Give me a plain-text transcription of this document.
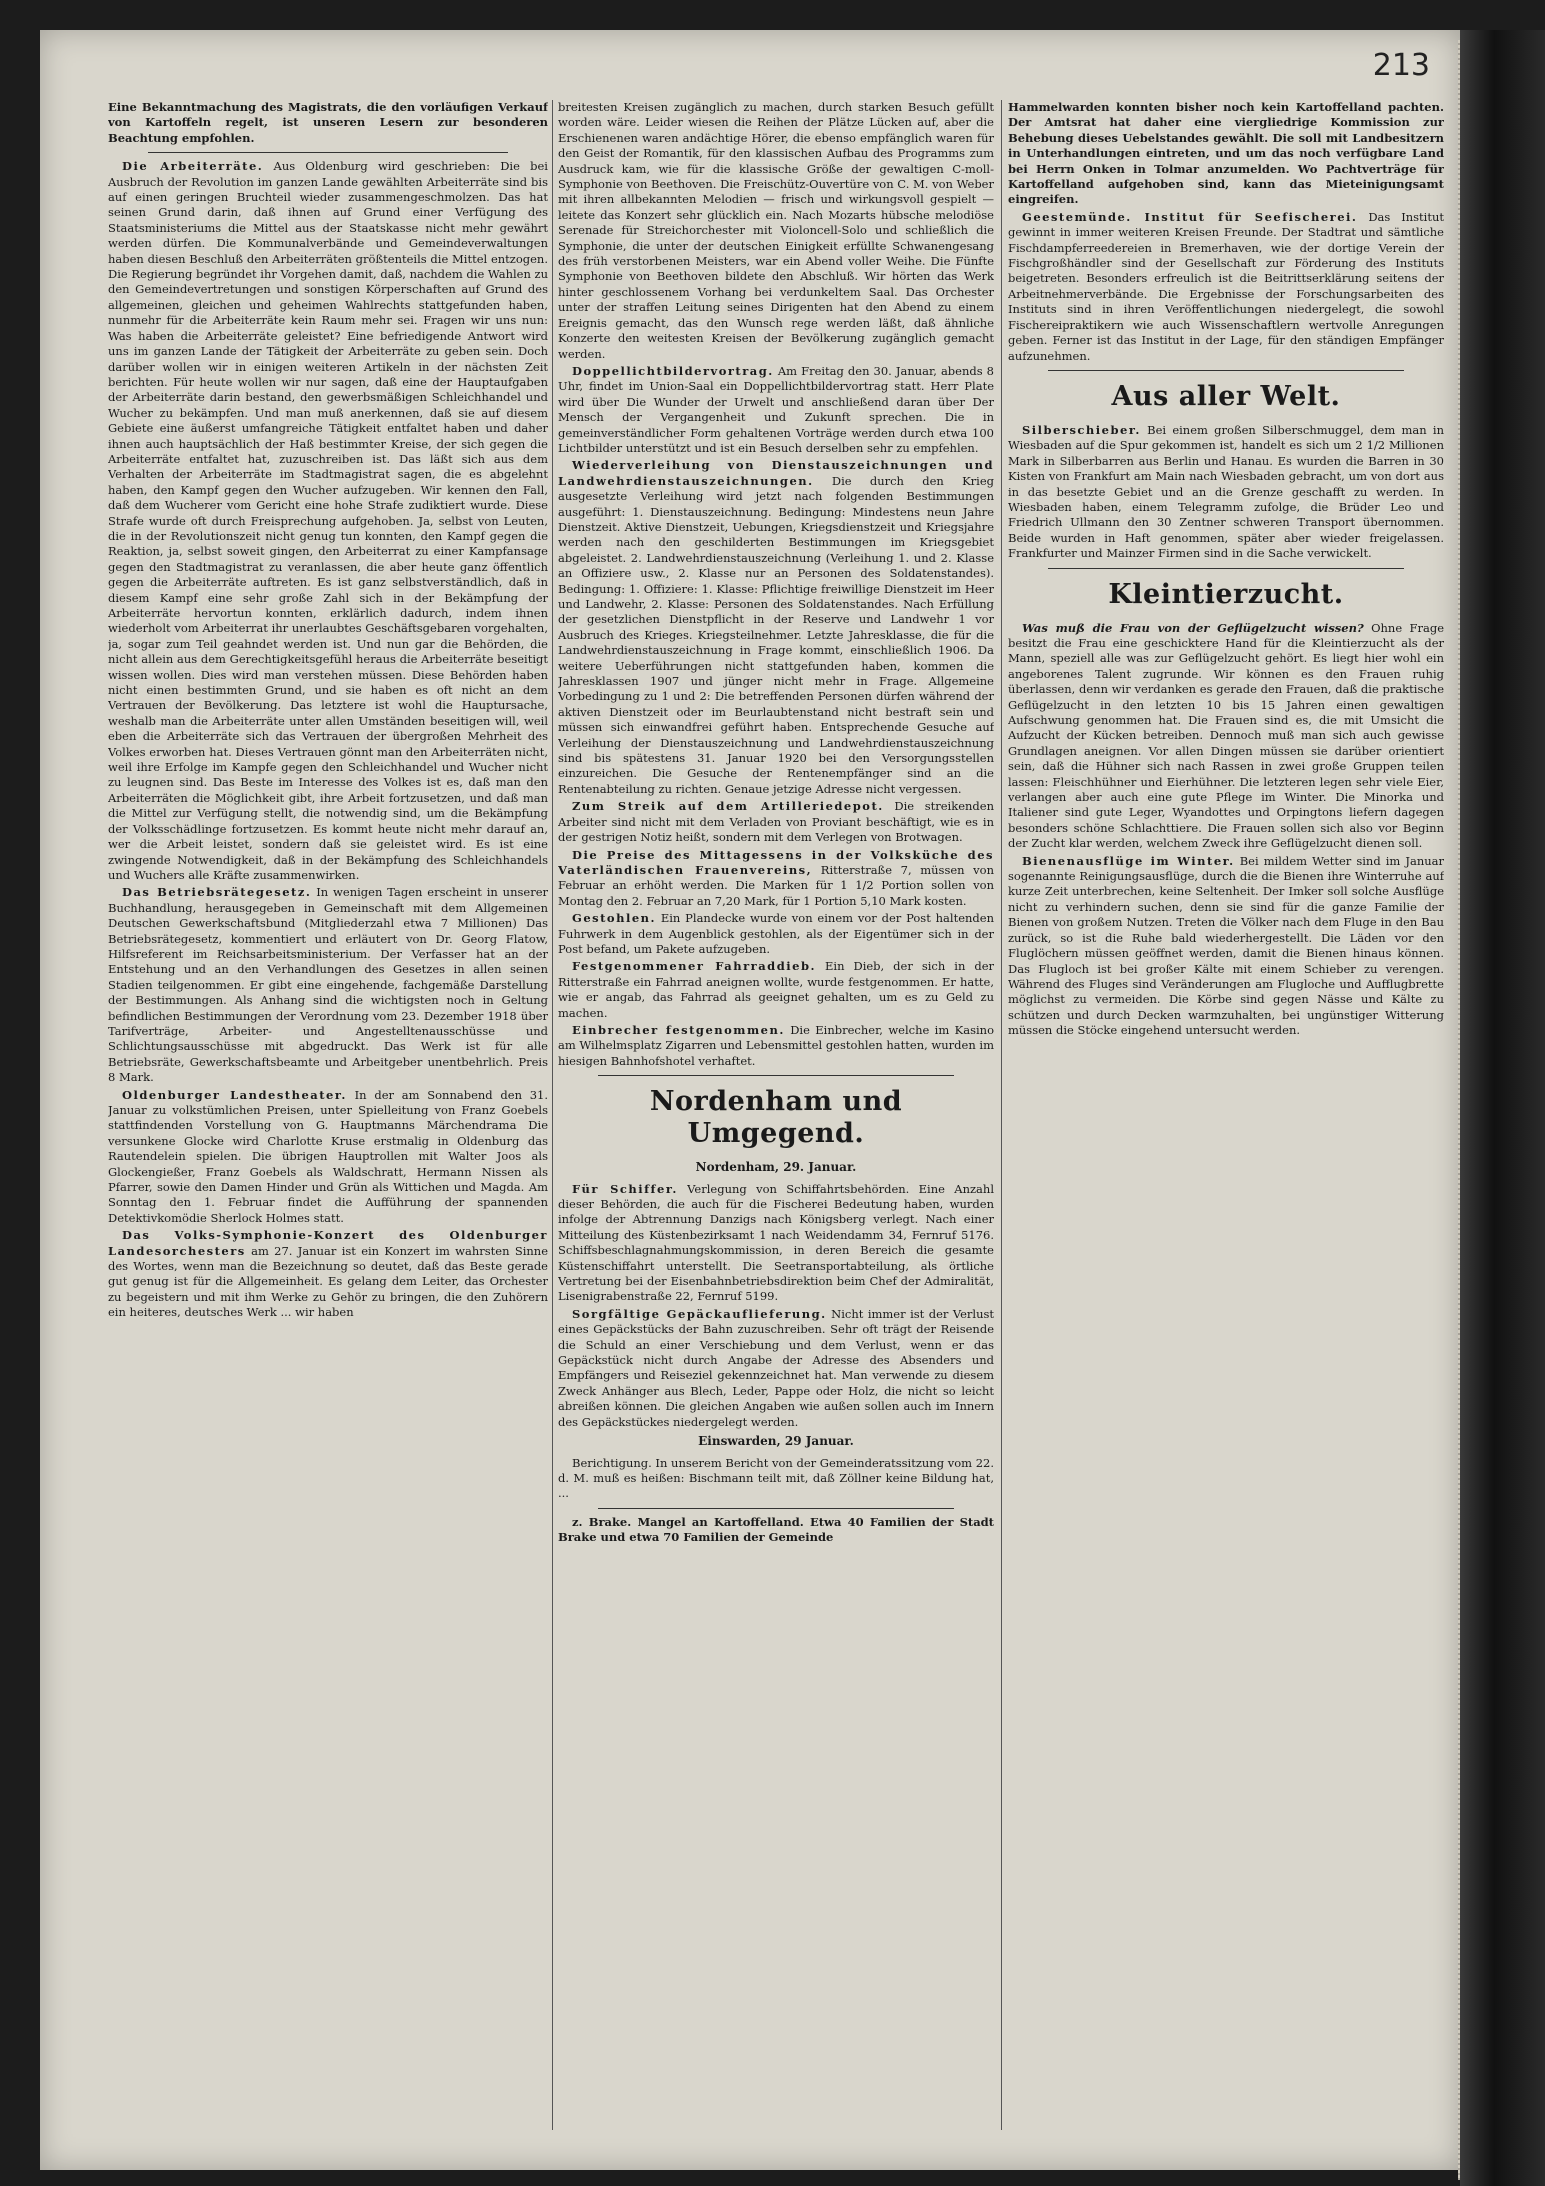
213

Eine Bekanntmachung des Magistrats, die den vorläufigen Verkauf von Kartoffeln regelt, ist unseren Lesern zur besonderen Beachtung empfohlen.

Die Arbeiterräte. Aus Oldenburg wird geschrieben: Die bei Ausbruch der Revolution im ganzen Lande gewählten Arbeiterräte sind bis auf einen geringen Bruchteil wieder zusammengeschmolzen. Das hat seinen Grund darin, daß ihnen auf Grund einer Verfügung des Staatsministeriums die Mittel aus der Staatskasse nicht mehr gewährt werden dürfen. Die Kommunalverbände und Gemeindeverwaltungen haben diesen Beschluß den Arbeiterräten größtenteils die Mittel entzogen. Die Regierung begründet ihr Vorgehen damit, daß, nachdem die Wahlen zu den Gemeindevertretungen und sonstigen Körperschaften auf Grund des allgemeinen, gleichen und geheimen Wahlrechts stattgefunden haben, nunmehr für die Arbeiterräte kein Raum mehr sei. Fragen wir uns nun: Was haben die Arbeiterräte geleistet? Eine befriedigende Antwort wird uns im ganzen Lande der Tätigkeit der Arbeiterräte zu geben sein. Doch darüber wollen wir in einigen weiteren Artikeln in der nächsten Zeit berichten. Für heute wollen wir nur sagen, daß eine der Hauptaufgaben der Arbeiterräte darin bestand, den gewerbsmäßigen Schleichhandel und Wucher zu bekämpfen. Und man muß anerkennen, daß sie auf diesem Gebiete eine äußerst umfangreiche Tätigkeit entfaltet haben und daher ihnen auch hauptsächlich der Haß bestimmter Kreise, der sich gegen die Arbeiterräte entfaltet hat, zuzuschreiben ist. Das läßt sich aus dem Verhalten der Arbeiterräte im Stadtmagistrat sagen, die es abgelehnt haben, den Kampf gegen den Wucher aufzugeben. Wir kennen den Fall, daß dem Wucherer vom Gericht eine hohe Strafe zudiktiert wurde. Diese Strafe wurde oft durch Freisprechung aufgehoben. Ja, selbst von Leuten, die in der Revolutionszeit nicht genug tun konnten, den Kampf gegen die Reaktion, ja, selbst soweit gingen, den Arbeiterrat zu einer Kampfansage gegen den Stadtmagistrat zu veranlassen, die aber heute ganz öffentlich gegen die Arbeiterräte auftreten. Es ist ganz selbstverständlich, daß in diesem Kampf eine sehr große Zahl sich in der Bekämpfung der Arbeiterräte hervortun konnten, erklärlich dadurch, indem ihnen wiederholt vom Arbeiterrat ihr unerlaubtes Geschäftsgebaren vorgehalten, ja, sogar zum Teil geahndet werden ist. Und nun gar die Behörden, die nicht allein aus dem Gerechtigkeitsgefühl heraus die Arbeiterräte beseitigt wissen wollen. Dies wird man verstehen müssen. Diese Behörden haben nicht einen bestimmten Grund, und sie haben es oft nicht an dem Vertrauen der Bevölkerung. Das letztere ist wohl die Hauptursache, weshalb man die Arbeiterräte unter allen Umständen beseitigen will, weil eben die Arbeiterräte sich das Vertrauen der übergroßen Mehrheit des Volkes erworben hat. Dieses Vertrauen gönnt man den Arbeiterräten nicht, weil ihre Erfolge im Kampfe gegen den Schleichhandel und Wucher nicht zu leugnen sind. Das Beste im Interesse des Volkes ist es, daß man den Arbeiterräten die Möglichkeit gibt, ihre Arbeit fortzusetzen, und daß man die Mittel zur Verfügung stellt, die notwendig sind, um die Bekämpfung der Volksschädlinge fortzusetzen. Es kommt heute nicht mehr darauf an, wer die Arbeit leistet, sondern daß sie geleistet wird. Es ist eine zwingende Notwendigkeit, daß in der Bekämpfung des Schleichhandels und Wuchers alle Kräfte zusammenwirken.

Das Betriebsrätegesetz. In wenigen Tagen erscheint in unserer Buchhandlung, herausgegeben in Gemeinschaft mit dem Allgemeinen Deutschen Gewerkschaftsbund (Mitgliederzahl etwa 7 Millionen) Das Betriebsrätegesetz, kommentiert und erläutert von Dr. Georg Flatow, Hilfsreferent im Reichsarbeitsministerium. Der Verfasser hat an der Entstehung und an den Verhandlungen des Gesetzes in allen seinen Stadien teilgenommen. Er gibt eine eingehende, fachgemäße Darstellung der Bestimmungen. Als Anhang sind die wichtigsten noch in Geltung befindlichen Bestimmungen der Verordnung vom 23. Dezember 1918 über Tarifverträge, Arbeiter- und Angestelltenausschüsse und Schlichtungsausschüsse mit abgedruckt. Das Werk ist für alle Betriebsräte, Gewerkschaftsbeamte und Arbeitgeber unentbehrlich. Preis 8 Mark.

Oldenburger Landestheater. In der am Sonnabend den 31. Januar zu volkstümlichen Preisen, unter Spielleitung von Franz Goebels stattfindenden Vorstellung von G. Hauptmanns Märchendrama Die versunkene Glocke wird Charlotte Kruse erstmalig in Oldenburg das Rautendelein spielen. Die übrigen Hauptrollen mit Walter Joos als Glockengießer, Franz Goebels als Waldschratt, Hermann Nissen als Pfarrer, sowie den Damen Hinder und Grün als Wittichen und Magda. Am Sonntag den 1. Februar findet die Aufführung der spannenden Detektivkomödie Sherlock Holmes statt.

Das Volks-Symphonie-Konzert des Oldenburger Landesorchesters am 27. Januar ist ein Konzert im wahrsten Sinne des Wortes, wenn man die Bezeichnung so deutet, daß das Beste gerade gut genug ist für die Allgemeinheit. Es gelang dem Leiter, das Orchester zu begeistern und mit ihm Werke zu Gehör zu bringen, die den Zuhörern ein heiteres, deutsches Werk ... wir haben

breitesten Kreisen zugänglich zu machen, durch starken Besuch gefüllt worden wäre. Leider wiesen die Reihen der Plätze Lücken auf, aber die Erschienenen waren andächtige Hörer, die ebenso empfänglich waren für den Geist der Romantik, für den klassischen Aufbau des Programms zum Ausdruck kam, wie für die klassische Größe der gewaltigen C-moll-Symphonie von Beethoven. Die Freischütz-Ouvertüre von C. M. von Weber mit ihren allbekannten Melodien — frisch und wirkungsvoll gespielt — leitete das Konzert sehr glücklich ein. Nach Mozarts hübsche melodiöse Serenade für Streichorchester mit Violoncell-Solo und schließlich die Symphonie, die unter der deutschen Einigkeit erfüllte Schwanengesang des früh verstorbenen Meisters, war ein Abend voller Weihe. Die Fünfte Symphonie von Beethoven bildete den Abschluß. Wir hörten das Werk hinter geschlossenem Vorhang bei verdunkeltem Saal. Das Orchester unter der straffen Leitung seines Dirigenten hat den Abend zu einem Ereignis gemacht, das den Wunsch rege werden läßt, daß ähnliche Konzerte den weitesten Kreisen der Bevölkerung zugänglich gemacht werden.

Doppellichtbildervortrag. Am Freitag den 30. Januar, abends 8 Uhr, findet im Union-Saal ein Doppellichtbildervortrag statt. Herr Plate wird über Die Wunder der Urwelt und anschließend daran über Der Mensch der Vergangenheit und Zukunft sprechen. Die in gemeinverständlicher Form gehaltenen Vorträge werden durch etwa 100 Lichtbilder unterstützt und ist ein Besuch derselben sehr zu empfehlen.

Wiederverleihung von Dienstauszeichnungen und Landwehrdienstauszeichnungen. Die durch den Krieg ausgesetzte Verleihung wird jetzt nach folgenden Bestimmungen ausgeführt: 1. Dienstauszeichnung. Bedingung: Mindestens neun Jahre Dienstzeit. Aktive Dienstzeit, Uebungen, Kriegsdienstzeit und Kriegsjahre werden nach den geschilderten Bestimmungen im Kriegsgebiet abgeleistet. 2. Landwehrdienstauszeichnung (Verleihung 1. und 2. Klasse an Offiziere usw., 2. Klasse nur an Personen des Soldatenstandes). Bedingung: 1. Offiziere: 1. Klasse: Pflichtige freiwillige Dienstzeit im Heer und Landwehr, 2. Klasse: Personen des Soldatenstandes. Nach Erfüllung der gesetzlichen Dienstpflicht in der Reserve und Landwehr 1 vor Ausbruch des Krieges. Kriegsteilnehmer. Letzte Jahresklasse, die für die Landwehrdienstauszeichnung in Frage kommt, einschließlich 1906. Da weitere Ueberführungen nicht stattgefunden haben, kommen die Jahresklassen 1907 und jünger nicht mehr in Frage. Allgemeine Vorbedingung zu 1 und 2: Die betreffenden Personen dürfen während der aktiven Dienstzeit oder im Beurlaubtenstand nicht bestraft sein und müssen sich einwandfrei geführt haben. Entsprechende Gesuche auf Verleihung der Dienstauszeichnung und Landwehrdienstauszeichnung sind bis spätestens 31. Januar 1920 bei den Versorgungsstellen einzureichen. Die Gesuche der Rentenempfänger sind an die Rentenabteilung zu richten. Genaue jetzige Adresse nicht vergessen.

Zum Streik auf dem Artilleriedepot. Die streikenden Arbeiter sind nicht mit dem Verladen von Proviant beschäftigt, wie es in der gestrigen Notiz heißt, sondern mit dem Verlegen von Brotwagen.

Die Preise des Mittagessens in der Volksküche des Vaterländischen Frauenvereins, Ritterstraße 7, müssen von Februar an erhöht werden. Die Marken für 1 1/2 Portion sollen von Montag den 2. Februar an 7,20 Mark, für 1 Portion 5,10 Mark kosten.

Gestohlen. Ein Plandecke wurde von einem vor der Post haltenden Fuhrwerk in dem Augenblick gestohlen, als der Eigentümer sich in der Post befand, um Pakete aufzugeben.

Festgenommener Fahrraddieb. Ein Dieb, der sich in der Ritterstraße ein Fahrrad aneignen wollte, wurde festgenommen. Er hatte, wie er angab, das Fahrrad als geeignet gehalten, um es zu Geld zu machen.

Einbrecher festgenommen. Die Einbrecher, welche im Kasino am Wilhelmsplatz Zigarren und Lebensmittel gestohlen hatten, wurden im hiesigen Bahnhofshotel verhaftet.

Nordenham und Umgegend.
Nordenham, 29. Januar.

Für Schiffer. Verlegung von Schiffahrtsbehörden. Eine Anzahl dieser Behörden, die auch für die Fischerei Bedeutung haben, wurden infolge der Abtrennung Danzigs nach Königsberg verlegt. Nach einer Mitteilung des Küstenbezirksamt 1 nach Weidendamm 34, Fernruf 5176. Schiffsbeschlagnahmungskommission, in deren Bereich die gesamte Küstenschiffahrt unterstellt. Die Seetransportabteilung, als örtliche Vertretung bei der Eisenbahnbetriebsdirektion beim Chef der Admiralität, Lisenigrabenstraße 22, Fernruf 5199.

Sorgfältige Gepäckauflieferung. Nicht immer ist der Verlust eines Gepäckstücks der Bahn zuzuschreiben. Sehr oft trägt der Reisende die Schuld an einer Verschiebung und dem Verlust, wenn er das Gepäckstück nicht durch Angabe der Adresse des Absenders und Empfängers und Reiseziel gekennzeichnet hat. Man verwende zu diesem Zweck Anhänger aus Blech, Leder, Pappe oder Holz, die nicht so leicht abreißen können. Die gleichen Angaben wie außen sollen auch im Innern des Gepäckstückes niedergelegt werden.

Einswarden, 29 Januar.

Berichtigung. In unserem Bericht von der Gemeinderatssitzung vom 22. d. M. muß es heißen: Bischmann teilt mit, daß Zöllner keine Bildung hat, ...

z. Brake. Mangel an Kartoffelland. Etwa 40 Familien der Stadt Brake und etwa 70 Familien der Gemeinde

Hammelwarden konnten bisher noch kein Kartoffelland pachten. Der Amtsrat hat daher eine viergliedrige Kommission zur Behebung dieses Uebelstandes gewählt. Die soll mit Landbesitzern in Unterhandlungen eintreten, und um das noch verfügbare Land bei Herrn Onken in Tolmar anzumelden. Wo Pachtverträge für Kartoffelland aufgehoben sind, kann das Mieteinigungsamt eingreifen.

Geestemünde. Institut für Seefischerei. Das Institut gewinnt in immer weiteren Kreisen Freunde. Der Stadtrat und sämtliche Fischdampferreedereien in Bremerhaven, wie der dortige Verein der Fischgroßhändler sind der Gesellschaft zur Förderung des Instituts beigetreten. Besonders erfreulich ist die Beitrittserklärung seitens der Arbeitnehmerverbände. Die Ergebnisse der Forschungsarbeiten des Instituts sind in ihren Veröffentlichungen niedergelegt, die sowohl Fischereipraktikern wie auch Wissenschaftlern wertvolle Anregungen geben. Ferner ist das Institut in der Lage, für den ständigen Empfänger aufzunehmen.

Aus aller Welt.

Silberschieber. Bei einem großen Silberschmuggel, dem man in Wiesbaden auf die Spur gekommen ist, handelt es sich um 2 1/2 Millionen Mark in Silberbarren aus Berlin und Hanau. Es wurden die Barren in 30 Kisten von Frankfurt am Main nach Wiesbaden gebracht, um von dort aus in das besetzte Gebiet und an die Grenze geschafft zu werden. In Wiesbaden haben, einem Telegramm zufolge, die Brüder Leo und Friedrich Ullmann den 30 Zentner schweren Transport übernommen. Beide wurden in Haft genommen, später aber wieder freigelassen. Frankfurter und Mainzer Firmen sind in die Sache verwickelt.

Kleintierzucht.

Was muß die Frau von der Geflügelzucht wissen? Ohne Frage besitzt die Frau eine geschicktere Hand für die Kleintierzucht als der Mann, speziell alle was zur Geflügelzucht gehört. Es liegt hier wohl ein angeborenes Talent zugrunde. Wir können es den Frauen ruhig überlassen, denn wir verdanken es gerade den Frauen, daß die praktische Geflügelzucht in den letzten 10 bis 15 Jahren einen gewaltigen Aufschwung genommen hat. Die Frauen sind es, die mit Umsicht die Aufzucht der Kücken betreiben. Dennoch muß man sich auch gewisse Grundlagen aneignen. Vor allen Dingen müssen sie darüber orientiert sein, daß die Hühner sich nach Rassen in zwei große Gruppen teilen lassen: Fleischhühner und Eierhühner. Die letzteren legen sehr viele Eier, verlangen aber auch eine gute Pflege im Winter. Die Minorka und Italiener sind gute Leger, Wyandottes und Orpingtons liefern dagegen besonders schöne Schlachttiere. Die Frauen sollen sich also vor Beginn der Zucht klar werden, welchem Zweck ihre Geflügelzucht dienen soll.

Bienenausflüge im Winter. Bei mildem Wetter sind im Januar sogenannte Reinigungsausflüge, durch die die Bienen ihre Winterruhe auf kurze Zeit unterbrechen, keine Seltenheit. Der Imker soll solche Ausflüge nicht zu verhindern suchen, denn sie sind für die ganze Familie der Bienen von großem Nutzen. Treten die Völker nach dem Fluge in den Bau zurück, so ist die Ruhe bald wiederhergestellt. Die Läden vor den Fluglöchern müssen geöffnet werden, damit die Bienen hinaus können. Das Flugloch ist bei großer Kälte mit einem Schieber zu verengen. Während des Fluges sind Veränderungen am Flugloche und Aufflugbrette möglichst zu vermeiden. Die Körbe sind gegen Nässe und Kälte zu schützen und durch Decken warmzuhalten, bei ungünstiger Witterung müssen die Stöcke eingehend untersucht werden.
